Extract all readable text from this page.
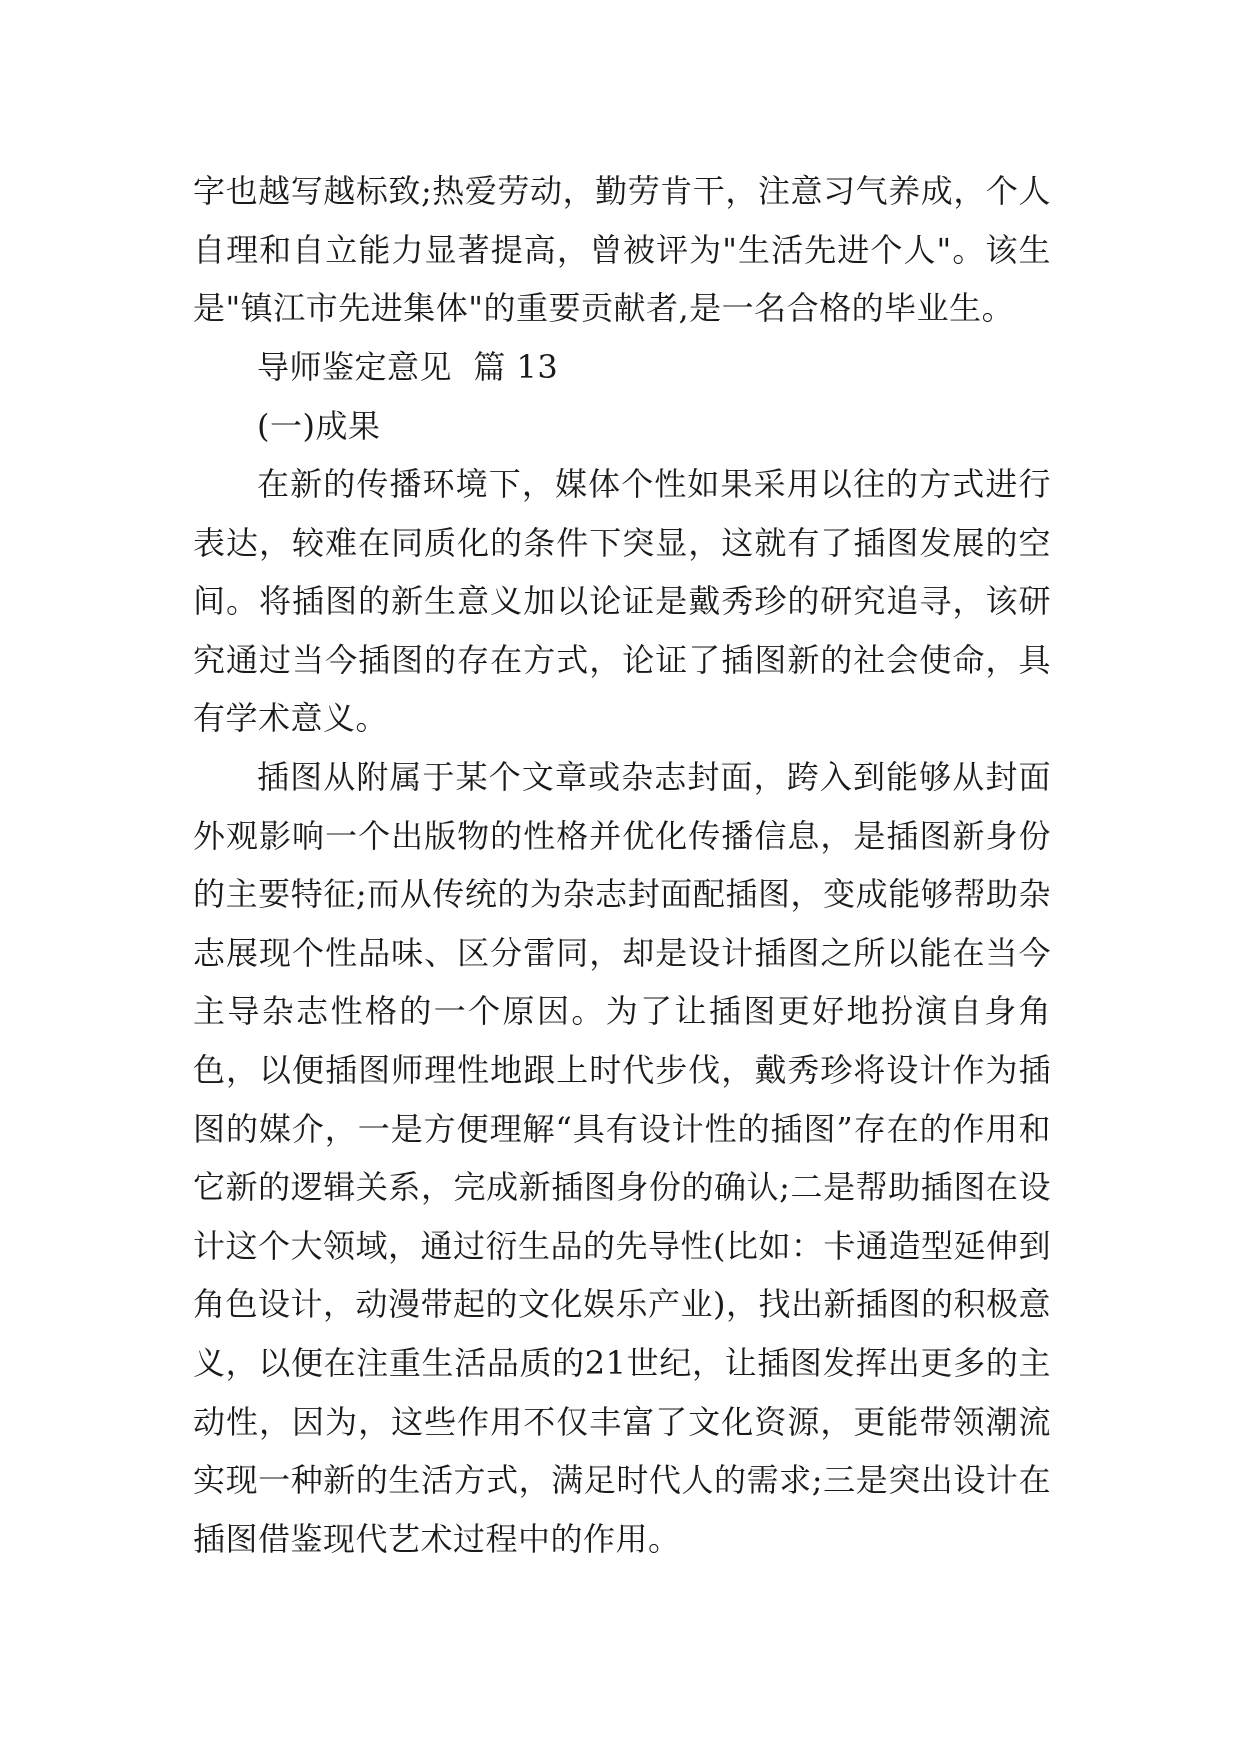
字也越写越标致;热爱劳动，勤劳肯干，注意习气养成，个人自理和自立能力显著提高，曾被评为"生活先进个人"。该生是"镇江市先进集体"的重要贡献者,是一名合格的毕业生。

导师鉴定意见  篇 13

(一)成果

在新的传播环境下，媒体个性如果采用以往的方式进行表达，较难在同质化的条件下突显，这就有了插图发展的空间。将插图的新生意义加以论证是戴秀珍的研究追寻，该研究通过当今插图的存在方式，论证了插图新的社会使命，具有学术意义。

插图从附属于某个文章或杂志封面，跨入到能够从封面外观影响一个出版物的性格并优化传播信息，是插图新身份的主要特征;而从传统的为杂志封面配插图，变成能够帮助杂志展现个性品味、区分雷同，却是设计插图之所以能在当今主导杂志性格的一个原因。为了让插图更好地扮演自身角色，以便插图师理性地跟上时代步伐，戴秀珍将设计作为插图的媒介，一是方便理解“具有设计性的插图”存在的作用和它新的逻辑关系，完成新插图身份的确认;二是帮助插图在设计这个大领域，通过衍生品的先导性(比如：卡通造型延伸到角色设计，动漫带起的文化娱乐产业)，找出新插图的积极意义，以便在注重生活品质的21世纪，让插图发挥出更多的主动性，因为，这些作用不仅丰富了文化资源，更能带领潮流实现一种新的生活方式，满足时代人的需求;三是突出设计在插图借鉴现代艺术过程中的作用。
